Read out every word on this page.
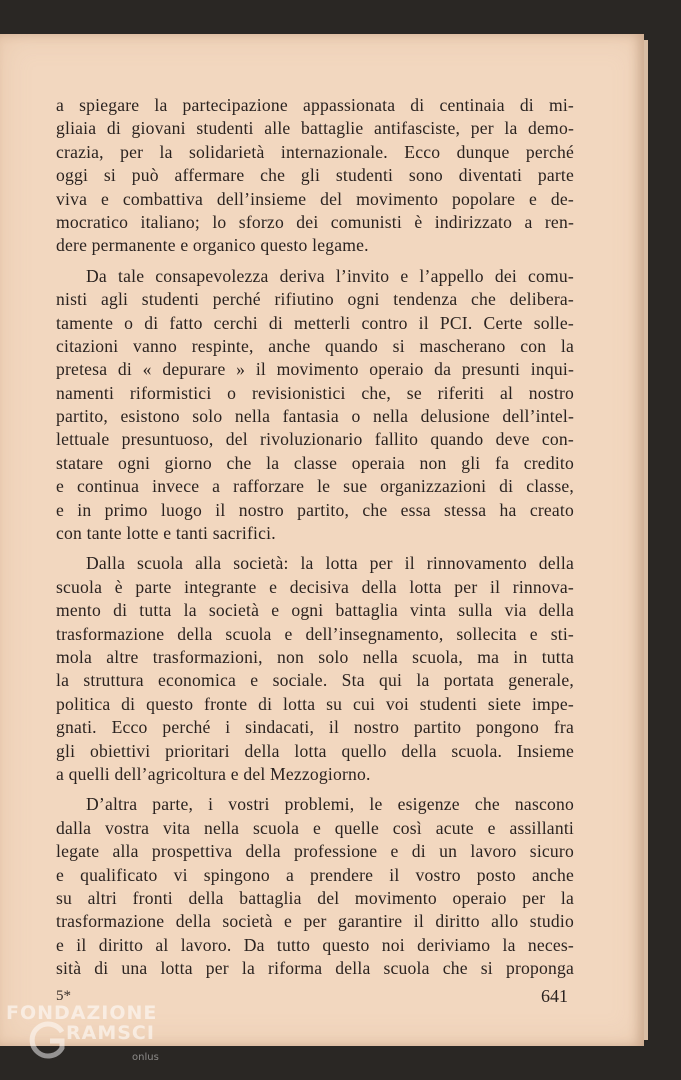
a spiegare la partecipazione appassionata di centinaia di mi-
gliaia di giovani studenti alle battaglie antifasciste, per la demo-
crazia, per la solidarietà internazionale. Ecco dunque perché
oggi si può affermare che gli studenti sono diventati parte
viva e combattiva dell’insieme del movimento popolare e de-
mocratico italiano; lo sforzo dei comunisti è indirizzato a ren-
dere permanente e organico questo legame.
Da tale consapevolezza deriva l’invito e l’appello dei comu-
nisti agli studenti perché rifiutino ogni tendenza che delibera-
tamente o di fatto cerchi di metterli contro il PCI. Certe solle-
citazioni vanno respinte, anche quando si mascherano con la
pretesa di « depurare » il movimento operaio da presunti inqui-
namenti riformistici o revisionistici che, se riferiti al nostro
partito, esistono solo nella fantasia o nella delusione dell’intel-
lettuale presuntuoso, del rivoluzionario fallito quando deve con-
statare ogni giorno che la classe operaia non gli fa credito
e continua invece a rafforzare le sue organizzazioni di classe,
e in primo luogo il nostro partito, che essa stessa ha creato
con tante lotte e tanti sacrifici.
Dalla scuola alla società: la lotta per il rinnovamento della
scuola è parte integrante e decisiva della lotta per il rinnova-
mento di tutta la società e ogni battaglia vinta sulla via della
trasformazione della scuola e dell’insegnamento, sollecita e sti-
mola altre trasformazioni, non solo nella scuola, ma in tutta
la struttura economica e sociale. Sta qui la portata generale,
politica di questo fronte di lotta su cui voi studenti siete impe-
gnati. Ecco perché i sindacati, il nostro partito pongono fra
gli obiettivi prioritari della lotta quello della scuola. Insieme
a quelli dell’agricoltura e del Mezzogiorno.
D’altra parte, i vostri problemi, le esigenze che nascono
dalla vostra vita nella scuola e quelle così acute e assillanti
legate alla prospettiva della professione e di un lavoro sicuro
e qualificato vi spingono a prendere il vostro posto anche
su altri fronti della battaglia del movimento operaio per la
trasformazione della società e per garantire il diritto allo studio
e il diritto al lavoro. Da tutto questo noi deriviamo la neces-
sità di una lotta per la riforma della scuola che si proponga
5*	641
FONDAZIONE
RAMSCI
onlus
